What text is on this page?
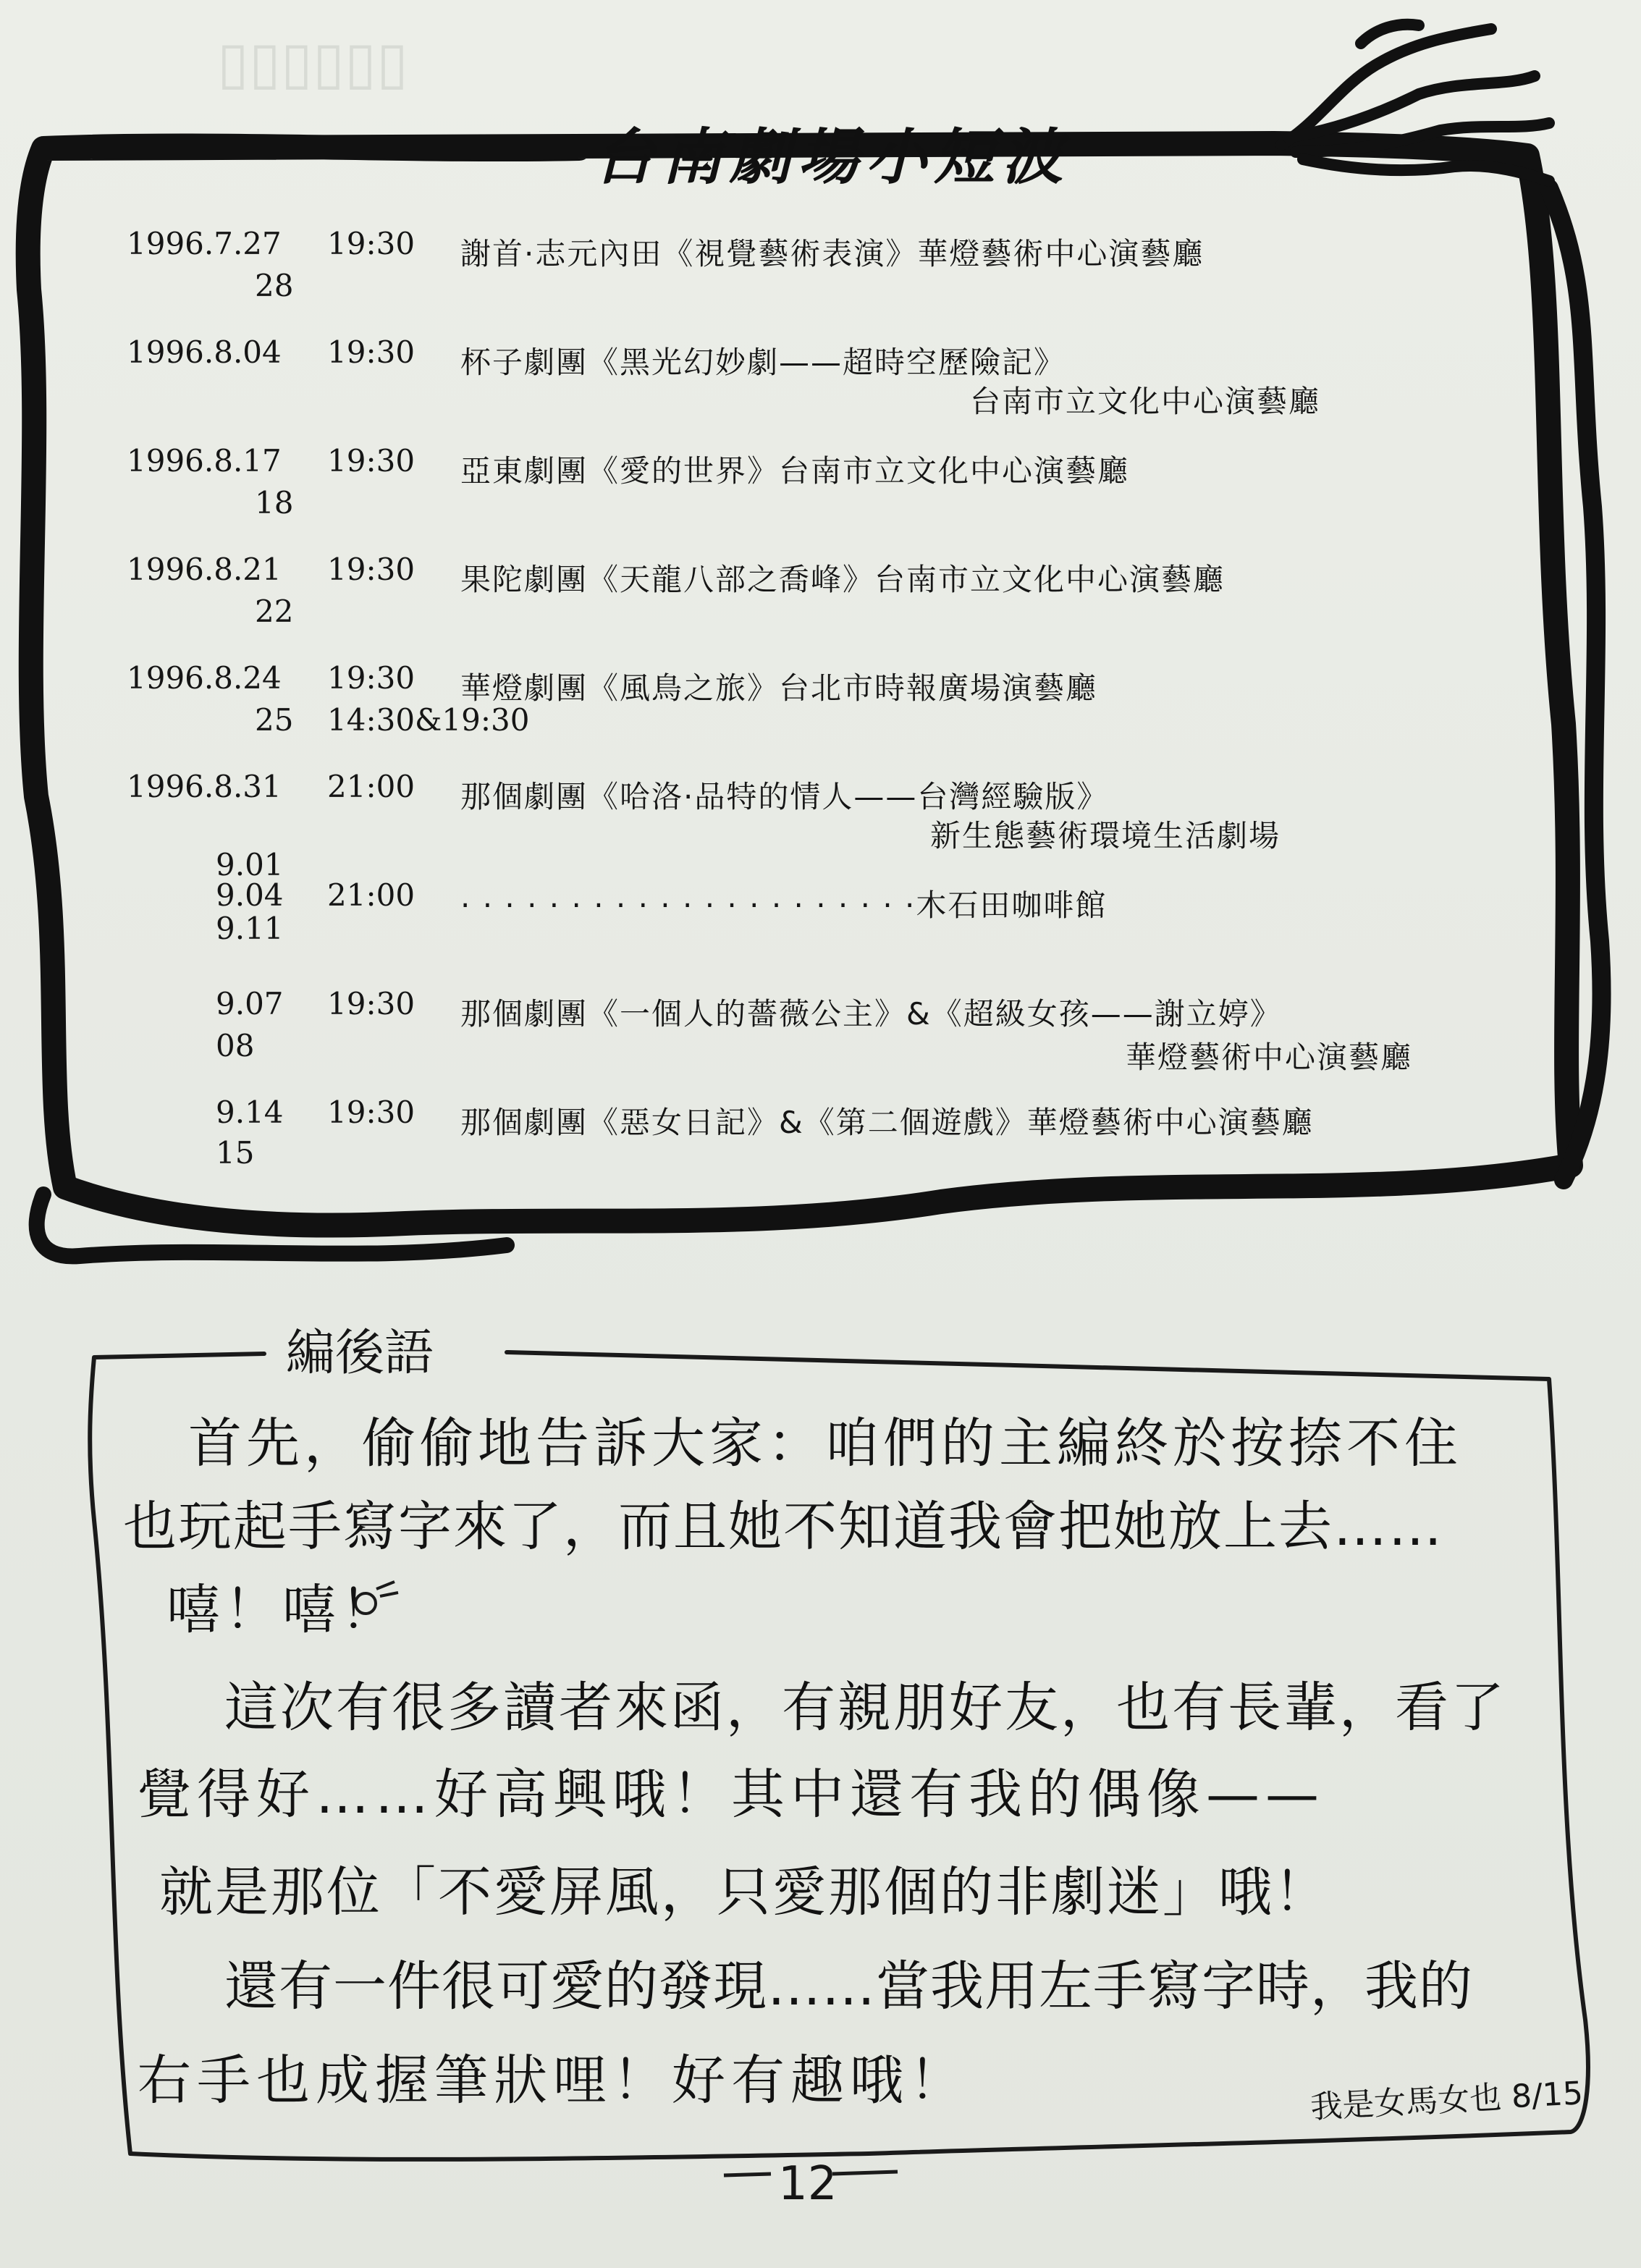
▯▯▯▯▯▯
台南劇場小短波
1996.7.27
28
19:30 謝首·志元內田《視覺藝術表演》華燈藝術中心演藝廳
1996.8.04 19:30 杯子劇團《黑光幻妙劇——超時空歷險記》
台南市立文化中心演藝廳
1996.8.17
18
19:30 亞東劇團《愛的世界》台南市立文化中心演藝廳
1996.8.21
22
19:30 果陀劇團《天龍八部之喬峰》台南市立文化中心演藝廳
1996.8.24
25
19:30
14:30&19:30
華燈劇團《風鳥之旅》台北市時報廣場演藝廳
1996.8.31 21:00 那個劇團《哈洛·品特的情人——台灣經驗版》
新生態藝術環境生活劇場
9.01
9.04
9.11
21:00 · · · · · · · · · · · · · · · · · · · · ·木石田咖啡館
9.07
08
19:30 那個劇團《一個人的薔薇公主》&《超級女孩——謝立婷》
華燈藝術中心演藝廳
9.14
15
19:30 那個劇團《惡女日記》&《第二個遊戲》華燈藝術中心演藝廳
編後語
首先，偷偷地告訴大家：咱們的主編終於按捺不住
也玩起手寫字來了，而且她不知道我會把她放上去……
嘻！嘻！
這次有很多讀者來函，有親朋好友，也有長輩，看了
覺得好……好高興哦！其中還有我的偶像——
就是那位「不愛屏風，只愛那個的非劇迷」哦！
還有一件很可愛的發現……當我用左手寫字時，我的
右手也成握筆狀哩！好有趣哦！	我是女馬女也 8/15
12
